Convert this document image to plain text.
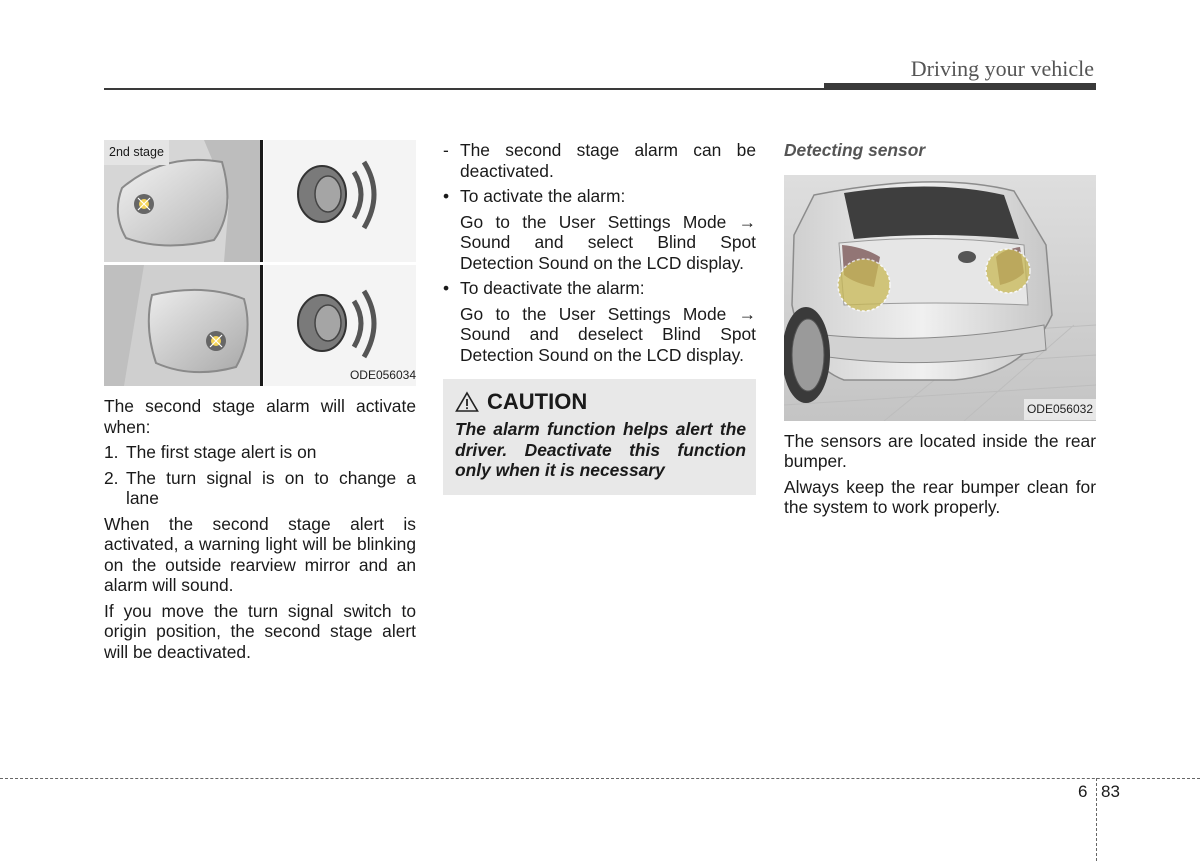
Driving your vehicle
2nd stage
ODE056034

The second stage alarm will activate when:

1. The first stage alert is on
2. The turn signal is on to change a lane

When the second stage alert is activated, a warning light will be blinking on the outside rearview mirror and an alarm will sound.

If you move the turn signal switch to origin position, the second stage alert will be deactivated.

- The second stage alarm can be deactivated.
• To activate the alarm:

Go to the User Settings Mode → Sound and select Blind Spot Detection Sound on the LCD display.

• To deactivate the alarm:

Go to the User Settings Mode → Sound and deselect Blind Spot Detection Sound on the LCD display.

CAUTION
The alarm function helps alert the driver. Deactivate this function only when it is necessary

Detecting sensor

ODE056032

The sensors are located inside the rear bumper.

Always keep the rear bumper clean for the system to work properly.

6 83
